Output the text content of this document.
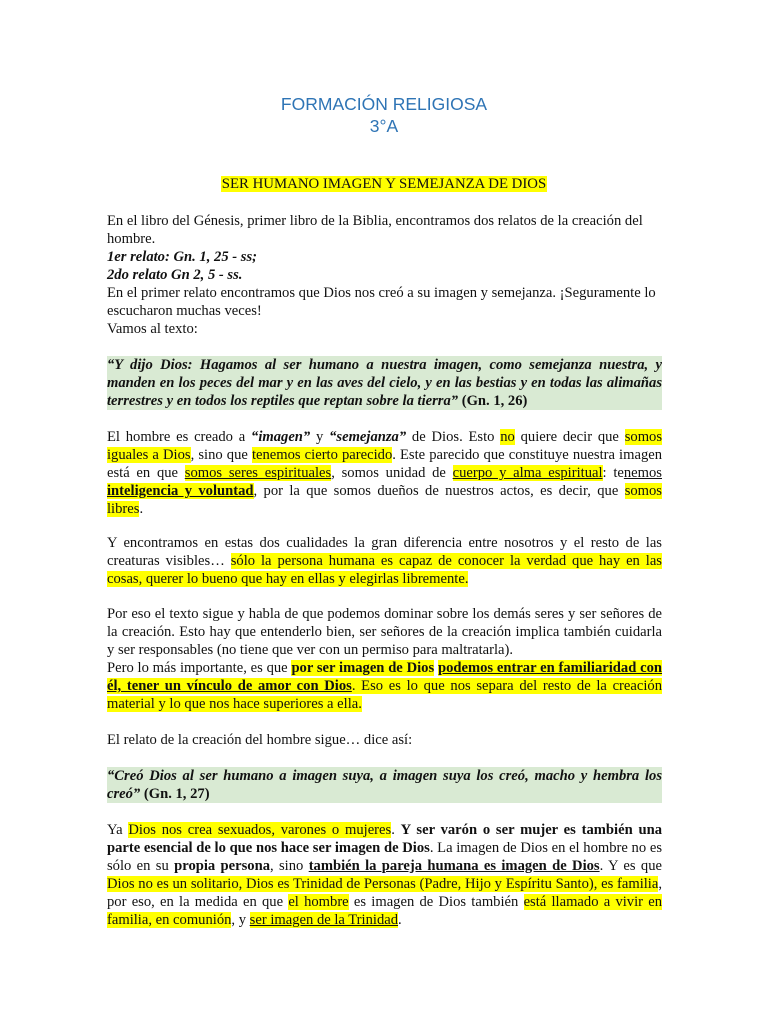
FORMACIÓN RELIGIOSA
3°A
SER HUMANO IMAGEN Y SEMEJANZA DE DIOS

En el libro del Génesis, primer libro de la Biblia, encontramos dos relatos de la creación del hombre.

1er relato: Gn. 1, 25 - ss;

2do relato Gn 2, 5 - ss.

En el primer relato encontramos que Dios nos creó a su imagen y semejanza. ¡Seguramente lo escucharon muchas veces!

Vamos al texto:

“Y dijo Dios: Hagamos al ser humano a nuestra imagen, como semejanza nuestra, y manden en los peces del mar y en las aves del cielo, y en las bestias y en todas las alimañas terrestres y en todos los reptiles que reptan sobre la tierra” (Gn. 1, 26)

El hombre es creado a “imagen” y “semejanza” de Dios. Esto no quiere decir que somos iguales a Dios, sino que tenemos cierto parecido. Este parecido que constituye nuestra imagen está en que somos seres espirituales, somos unidad de cuerpo y alma espiritual: tenemos inteligencia y voluntad, por la que somos dueños de nuestros actos, es decir, que somos libres.

Y encontramos en estas dos cualidades la gran diferencia entre nosotros y el resto de las creaturas visibles… sólo la persona humana es capaz de conocer la verdad que hay en las cosas, querer lo bueno que hay en ellas y elegirlas libremente.

Por eso el texto sigue y habla de que podemos dominar sobre los demás seres y ser señores de la creación. Esto hay que entenderlo bien, ser señores de la creación implica también cuidarla y ser responsables (no tiene que ver con un permiso para maltratarla).

Pero lo más importante, es que por ser imagen de Dios podemos entrar en familiaridad con él, tener un vínculo de amor con Dios. Eso es lo que nos separa del resto de la creación material y lo que nos hace superiores a ella.

El relato de la creación del hombre sigue… dice así:

“Creó Dios al ser humano a imagen suya, a imagen suya los creó, macho y hembra los creó” (Gn. 1, 27)

Ya Dios nos crea sexuados, varones o mujeres. Y ser varón o ser mujer es también una parte esencial de lo que nos hace ser imagen de Dios. La imagen de Dios en el hombre no es sólo en su propia persona, sino también la pareja humana es imagen de Dios. Y es que Dios no es un solitario, Dios es Trinidad de Personas (Padre, Hijo y Espíritu Santo), es familia, por eso, en la medida en que el hombre es imagen de Dios también está llamado a vivir en familia, en comunión, y ser imagen de la Trinidad.
